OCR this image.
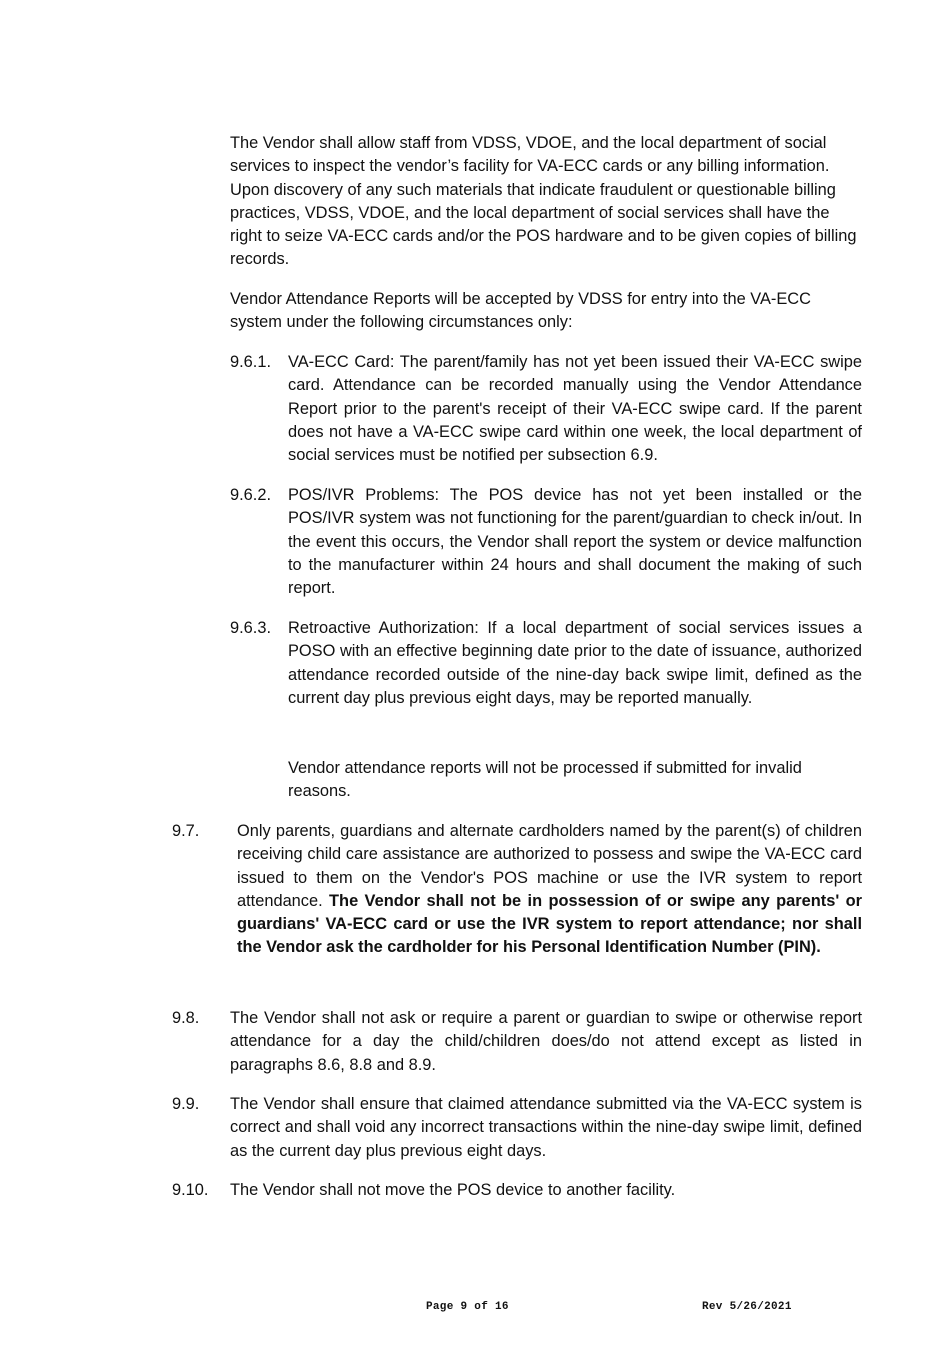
The Vendor shall allow staff from VDSS, VDOE, and the local department of social services to inspect the vendor’s facility for VA-ECC cards or any billing information. Upon discovery of any such materials that indicate fraudulent or questionable billing practices, VDSS, VDOE, and the local department of social services shall have the right to seize VA-ECC cards and/or the POS hardware and to be given copies of billing records.
Vendor Attendance Reports will be accepted by VDSS for entry into the VA-ECC system under the following circumstances only:
9.6.1. VA-ECC Card: The parent/family has not yet been issued their VA-ECC swipe card. Attendance can be recorded manually using the Vendor Attendance Report prior to the parent's receipt of their VA-ECC swipe card. If the parent does not have a VA-ECC swipe card within one week, the local department of social services must be notified per subsection 6.9.
9.6.2. POS/IVR Problems: The POS device has not yet been installed or the POS/IVR system was not functioning for the parent/guardian to check in/out. In the event this occurs, the Vendor shall report the system or device malfunction to the manufacturer within 24 hours and shall document the making of such report.
9.6.3. Retroactive Authorization: If a local department of social services issues a POSO with an effective beginning date prior to the date of issuance, authorized attendance recorded outside of the nine-day back swipe limit, defined as the current day plus previous eight days, may be reported manually.
Vendor attendance reports will not be processed if submitted for invalid reasons.
9.7. Only parents, guardians and alternate cardholders named by the parent(s) of children receiving child care assistance are authorized to possess and swipe the VA-ECC card issued to them on the Vendor's POS machine or use the IVR system to report attendance. The Vendor shall not be in possession of or swipe any parents' or guardians' VA-ECC card or use the IVR system to report attendance; nor shall the Vendor ask the cardholder for his Personal Identification Number (PIN).
9.8. The Vendor shall not ask or require a parent or guardian to swipe or otherwise report attendance for a day the child/children does/do not attend except as listed in paragraphs 8.6, 8.8 and 8.9.
9.9. The Vendor shall ensure that claimed attendance submitted via the VA-ECC system is correct and shall void any incorrect transactions within the nine-day swipe limit, defined as the current day plus previous eight days.
9.10. The Vendor shall not move the POS device to another facility.
Page 9 of 16	Rev 5/26/2021
